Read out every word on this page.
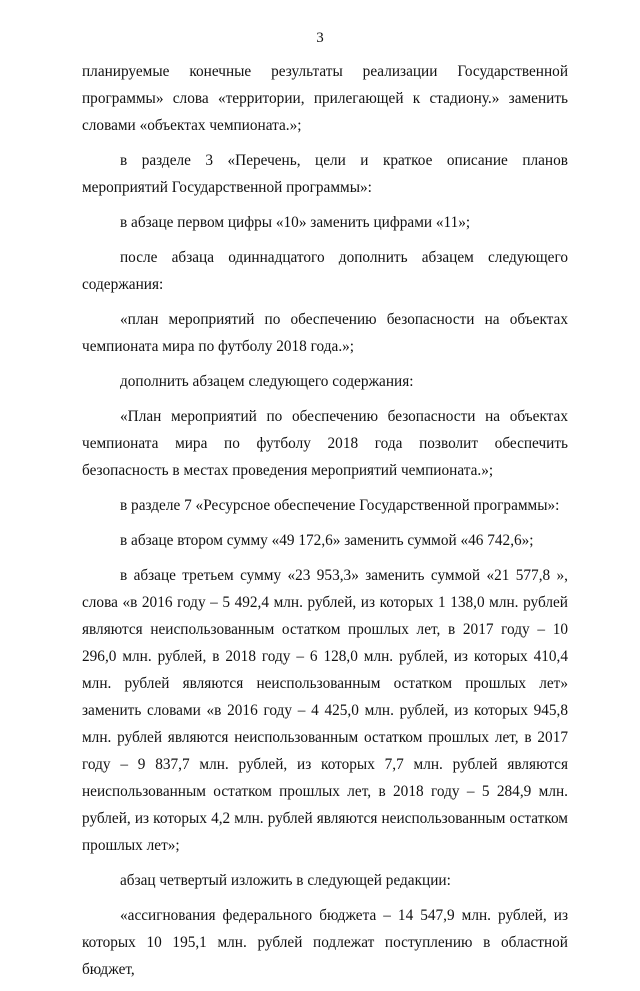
3

планируемые конечные результаты реализации Государственной программы» слова «территории, прилегающей к стадиону.» заменить словами «объектах чемпионата.»;

в разделе 3 «Перечень, цели и краткое описание планов мероприятий Государственной программы»:

в абзаце первом цифры «10» заменить цифрами «11»;

после абзаца одиннадцатого дополнить абзацем следующего содержания:

«план мероприятий по обеспечению безопасности на объектах чемпионата мира по футболу 2018 года.»;

дополнить абзацем следующего содержания:

«План мероприятий по обеспечению безопасности на объектах чемпионата мира по футболу 2018 года позволит обеспечить безопасность в местах проведения мероприятий чемпионата.»;

в разделе 7 «Ресурсное обеспечение Государственной программы»:

в абзаце втором сумму «49 172,6» заменить суммой «46 742,6»;

в абзаце третьем сумму «23 953,3» заменить суммой «21 577,8 », слова «в 2016 году – 5 492,4 млн. рублей, из которых 1 138,0 млн. рублей являются неиспользованным остатком прошлых лет, в 2017 году – 10 296,0 млн. рублей, в 2018 году – 6 128,0 млн. рублей, из которых 410,4 млн. рублей являются неиспользованным остатком прошлых лет» заменить словами «в 2016 году – 4 425,0 млн. рублей, из которых 945,8 млн. рублей являются неиспользованным остатком прошлых лет, в 2017 году – 9 837,7 млн. рублей, из которых 7,7 млн. рублей являются неиспользованным остатком прошлых лет, в 2018 году – 5 284,9 млн. рублей, из которых 4,2 млн. рублей являются неиспользованным остатком прошлых лет»;

абзац четвертый изложить в следующей редакции:

«ассигнования федерального бюджета – 14 547,9 млн. рублей, из которых 10 195,1 млн. рублей подлежат поступлению в областной бюджет,
